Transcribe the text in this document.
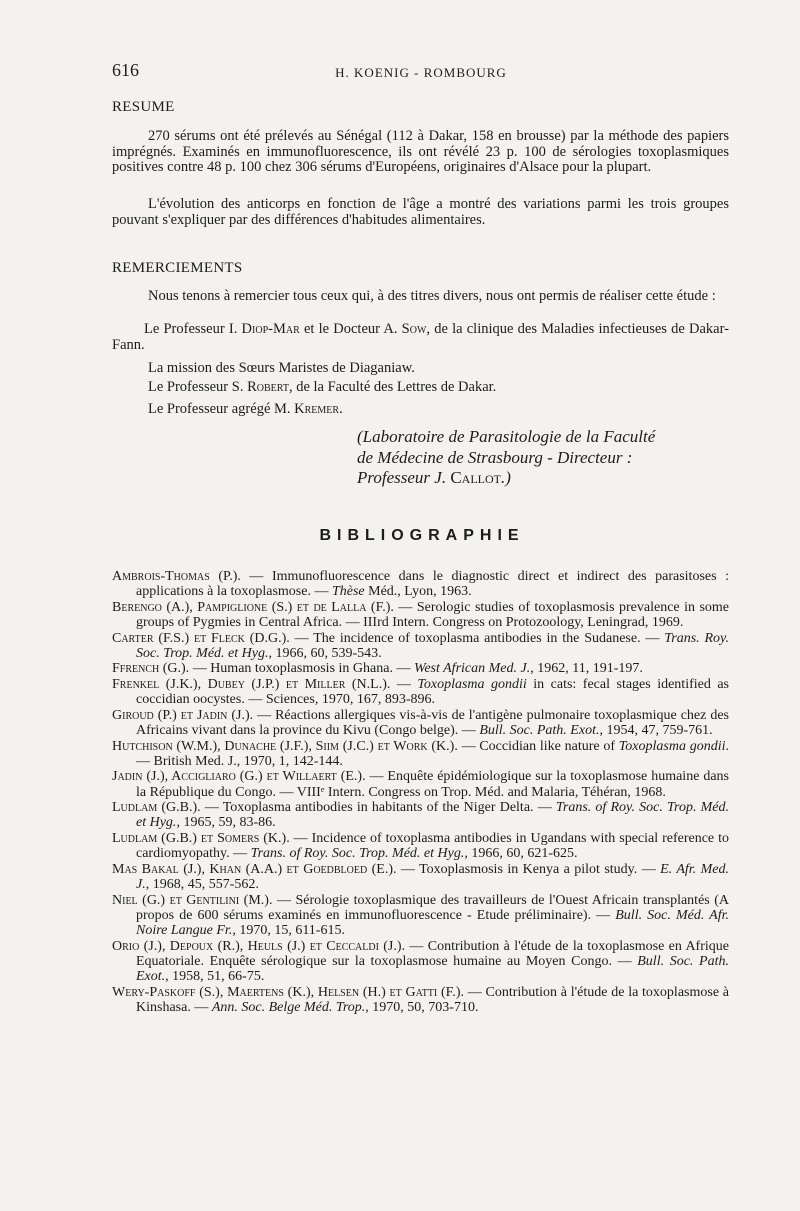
616	H. KOENIG - ROMBOURG
RESUME

270 sérums ont été prélevés au Sénégal (112 à Dakar, 158 en brousse) par la méthode des papiers imprégnés. Examinés en immunofluorescence, ils ont révélé 23 p. 100 de sérologies toxoplasmiques positives contre 48 p. 100 chez 306 sérums d'Européens, originaires d'Alsace pour la plupart.

L'évolution des anticorps en fonction de l'âge a montré des variations parmi les trois groupes pouvant s'expliquer par des différences d'habitudes alimentaires.

REMERCIEMENTS

Nous tenons à remercier tous ceux qui, à des titres divers, nous ont permis de réaliser cette étude :

Le Professeur I. Diop-Mar et le Docteur A. Sow, de la clinique des Maladies infectieuses de Dakar-Fann.

La mission des Sœurs Maristes de Diaganiaw.

Le Professeur S. Robert, de la Faculté des Lettres de Dakar.

Le Professeur agrégé M. Kremer.

(Laboratoire de Parasitologie de la Faculté
de Médecine de Strasbourg - Directeur :
Professeur J. Callot.)
BIBLIOGRAPHIE

Ambrois-Thomas (P.). — Immunofluorescence dans le diagnostic direct et indirect des parasitoses : applications à la toxoplasmose. — Thèse Méd., Lyon, 1963.

Berengo (A.), Pampiglione (S.) et de Lalla (F.). — Serologic studies of toxoplasmosis prevalence in some groups of Pygmies in Central Africa. — IIIrd Intern. Congress on Protozoology, Leningrad, 1969.

Carter (F.S.) et Fleck (D.G.). — The incidence of toxoplasma antibodies in the Sudanese. — Trans. Roy. Soc. Trop. Méd. et Hyg., 1966, 60, 539-543.

Ffrench (G.). — Human toxoplasmosis in Ghana. — West African Med. J., 1962, 11, 191-197.

Frenkel (J.K.), Dubey (J.P.) et Miller (N.L.). — Toxoplasma gondii in cats: fecal stages identified as coccidian oocystes. — Sciences, 1970, 167, 893-896.

Giroud (P.) et Jadin (J.). — Réactions allergiques vis-à-vis de l'antigène pulmonaire toxoplasmique chez des Africains vivant dans la province du Kivu (Congo belge). — Bull. Soc. Path. Exot., 1954, 47, 759-761.

Hutchison (W.M.), Dunache (J.F.), Siim (J.C.) et Work (K.). — Coccidian like nature of Toxoplasma gondii. — British Med. J., 1970, 1, 142-144.

Jadin (J.), Accigliaro (G.) et Willaert (E.). — Enquête épidémiologique sur la toxoplasmose humaine dans la République du Congo. — VIIIᵉ Intern. Congress on Trop. Méd. and Malaria, Téhéran, 1968.

Ludlam (G.B.). — Toxoplasma antibodies in habitants of the Niger Delta. — Trans. of Roy. Soc. Trop. Méd. et Hyg., 1965, 59, 83-86.

Ludlam (G.B.) et Somers (K.). — Incidence of toxoplasma antibodies in Ugandans with special reference to cardiomyopathy. — Trans. of Roy. Soc. Trop. Méd. et Hyg., 1966, 60, 621-625.

Mas Bakal (J.), Khan (A.A.) et Goedbloed (E.). — Toxoplasmosis in Kenya a pilot study. — E. Afr. Med. J., 1968, 45, 557-562.

Niel (G.) et Gentilini (M.). — Sérologie toxoplasmique des travailleurs de l'Ouest Africain transplantés (A propos de 600 sérums examinés en immunofluorescence - Etude préliminaire). — Bull. Soc. Méd. Afr. Noire Langue Fr., 1970, 15, 611-615.

Orio (J.), Depoux (R.), Heuls (J.) et Ceccaldi (J.). — Contribution à l'étude de la toxoplasmose en Afrique Equatoriale. Enquête sérologique sur la toxoplasmose humaine au Moyen Congo. — Bull. Soc. Path. Exot., 1958, 51, 66-75.

Wery-Paskoff (S.), Maertens (K.), Helsen (H.) et Gatti (F.). — Contribution à l'étude de la toxoplasmose à Kinshasa. — Ann. Soc. Belge Méd. Trop., 1970, 50, 703-710.
